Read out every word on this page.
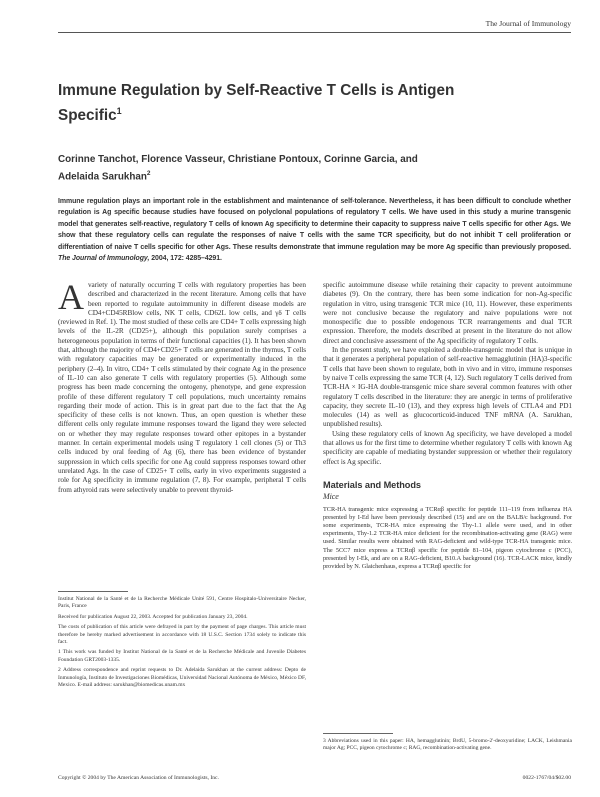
The Journal of Immunology
Immune Regulation by Self-Reactive T Cells is Antigen Specific$^1$
Corinne Tanchot, Florence Vasseur, Christiane Pontoux, Corinne Garcia, and
Adelaida Sarukhan$^2$
Immune regulation plays an important role in the establishment and maintenance of self-tolerance. Nevertheless, it has been difficult to conclude whether regulation is Ag specific because studies have focused on polyclonal populations of regulatory T cells. We have used in this study a murine transgenic model that generates self-reactive, regulatory T cells of known Ag specificity to determine their capacity to suppress naive T cells specific for other Ags. We show that these regulatory cells can regulate the responses of naive T cells with the same TCR specificity, but do not inhibit T cell proliferation or differentiation of naive T cells specific for other Ags. These results demonstrate that immune regulation may be more Ag specific than previously proposed. The Journal of Immunology, 2004, 172: 4285–4291.

Avariety of naturally occurring T cells with regulatory properties has been described and characterized in the recent literature. Among cells that have been reported to regulate autoimmunity in different disease models are CD4+CD45RBlow cells, NK T cells, CD62L low cells, and γδ T cells (reviewed in Ref. 1). The most studied of these cells are CD4+ T cells expressing high levels of the IL-2R (CD25+), although this population surely comprises a heterogeneous population in terms of their functional capacities (1). It has been shown that, although the majority of CD4+CD25+ T cells are generated in the thymus, T cells with regulatory capacities may be generated or experimentally induced in the periphery (2–4). In vitro, CD4+ T cells stimulated by their cognate Ag in the presence of IL-10 can also generate T cells with regulatory properties (5). Although some progress has been made concerning the ontogeny, phenotype, and gene expression profile of these different regulatory T cell populations, much uncertainty remains regarding their mode of action. This is in great part due to the fact that the Ag specificity of these cells is not known. Thus, an open question is whether these different cells only regulate immune responses toward the ligand they were selected on or whether they may regulate responses toward other epitopes in a bystander manner. In certain experimental models using T regulatory 1 cell clones (5) or Th3 cells induced by oral feeding of Ag (6), there has been evidence of bystander suppression in which cells specific for one Ag could suppress responses toward other unrelated Ags. In the case of CD25+ T cells, early in vivo experiments suggested a role for Ag specificity in immune regulation (7, 8). For example, peripheral T cells from athyroid rats were selectively unable to prevent thyroid-

specific autoimmune disease while retaining their capacity to prevent autoimmune diabetes (9). On the contrary, there has been some indication for non-Ag-specific regulation in vitro, using transgenic TCR mice (10, 11). However, these experiments were not conclusive because the regulatory and naive populations were not monospecific due to possible endogenous TCR rearrangements and dual TCR expression. Therefore, the models described at present in the literature do not allow direct and conclusive assessment of the Ag specificity of regulatory T cells.

In the present study, we have exploited a double-transgenic model that is unique in that it generates a peripheral population of self-reactive hemagglutinin (HA)3-specific T cells that have been shown to regulate, both in vivo and in vitro, immune responses by naive T cells expressing the same TCR (4, 12). Such regulatory T cells derived from TCR-HA × IG-HA double-transgenic mice share several common features with other regulatory T cells described in the literature: they are anergic in terms of proliferative capacity, they secrete IL-10 (13), and they express high levels of CTLA4 and PD1 molecules (14) as well as glucocorticoid-induced TNF mRNA (A. Sarukhan, unpublished results).

Using these regulatory cells of known Ag specificity, we have developed a model that allows us for the first time to determine whether regulatory T cells with known Ag specificity are capable of mediating bystander suppression or whether their regulatory effect is Ag specific.

Materials and Methods
Mice

TCR-HA transgenic mice expressing a TCRαβ specific for peptide 111–119 from influenza HA presented by I-Ed have been previously described (15) and are on the BALB/c background. For some experiments, TCR-HA mice expressing the Thy-1.1 allele were used, and in other experiments, Thy-1.2 TCR-HA mice deficient for the recombination-activating gene (RAG) were used. Similar results were obtained with RAG-deficient and wild-type TCR-HA transgenic mice. The 5CC7 mice express a TCRαβ specific for peptide 81–104, pigeon cytochrome c (PCC), presented by I-Ek, and are on a RAG-deficient, B10.A background (16). TCR-LACK mice, kindly provided by N. Glaichenhaus, express a TCRαβ specific for

Institut National de la Santé et de la Recherche Médicale Unité 591, Centre Hospitalo-Universitaire Necker, Paris, France
Received for publication August 22, 2003. Accepted for publication January 23, 2004.
The costs of publication of this article were defrayed in part by the payment of page charges. This article must therefore be hereby marked advertisement in accordance with 18 U.S.C. Section 1734 solely to indicate this fact.
1 This work was funded by Institut National de la Santé et de la Recherche Médicale and Juvenile Diabetes Foundation GRT2003-1335.
2 Address correspondence and reprint requests to Dr. Adelaida Sarukhan at the current address: Depto de Inmunología, Instituto de Investigaciones Biomédicas, Universidad Nacional Autónoma de México, México DF, Mexico. E-mail address: sarukhan@biomedicas.unam.mx
3 Abbreviations used in this paper: HA, hemagglutinin; BrdU, 5-bromo-2'-deoxyuridine; LACK, Leishmania major Ag; PCC, pigeon cytochrome c; RAG, recombination-activating gene.
Copyright © 2004 by The American Association of Immunologists, Inc.	0022-1767/04/$02.00
